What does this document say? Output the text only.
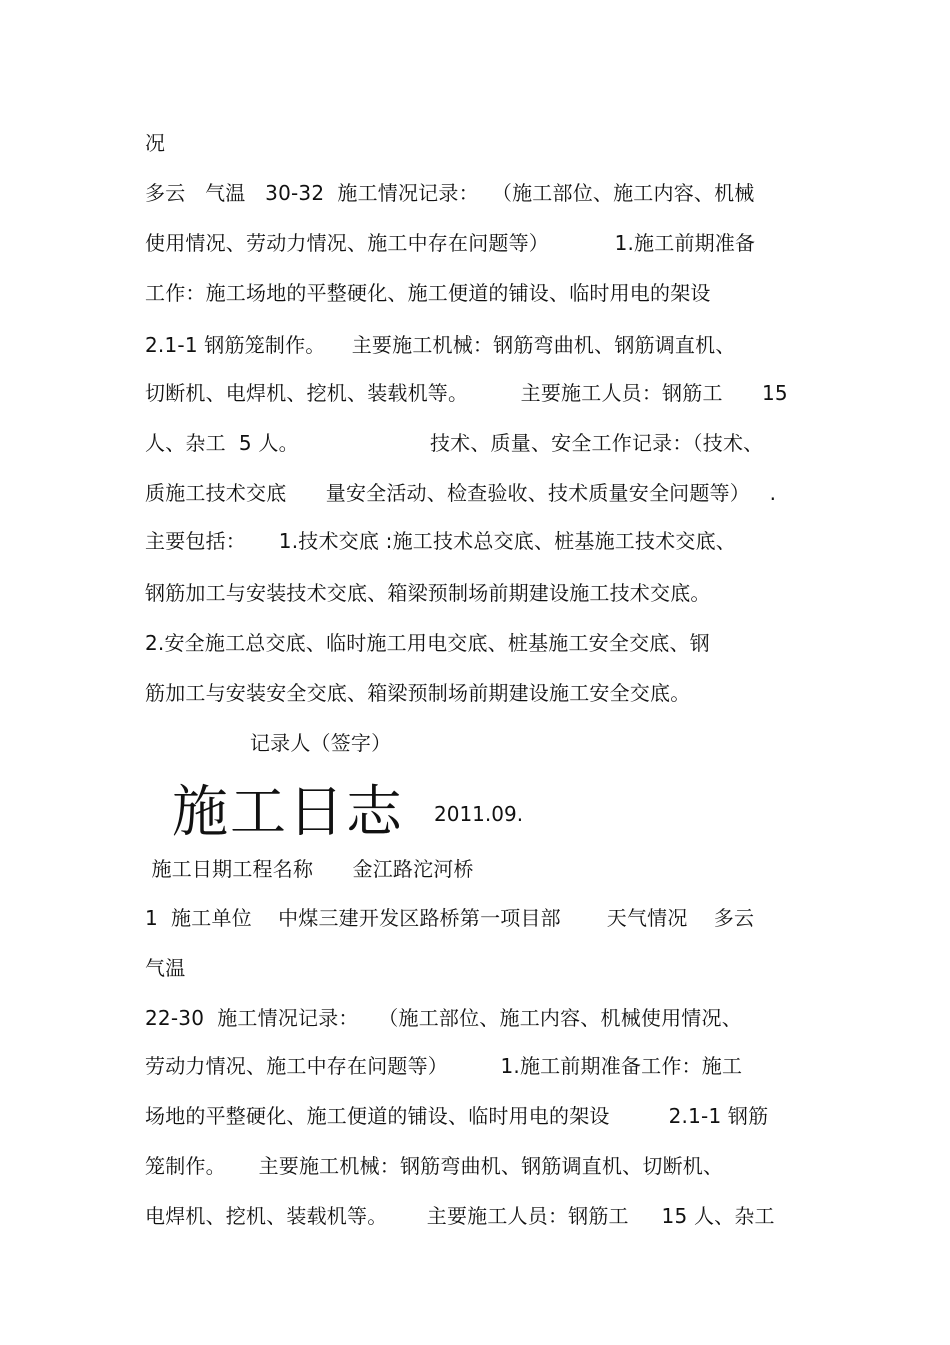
况
多云   气温   30-32  施工情况记录：  （施工部位、施工内容、机械
使用情况、劳动力情况、施工中存在问题等）          1.施工前期准备
工作：施工场地的平整硬化、施工便道的铺设、临时用电的架设
2.1-1 钢筋笼制作。    主要施工机械：钢筋弯曲机、钢筋调直机、
切断机、电焊机、挖机、装载机等。        主要施工人员：钢筋工      15
人、杂工  5 人。                    技术、质量、安全工作记录：（技术、
质施工技术交底      量安全活动、检查验收、技术质量安全问题等）   .
主要包括：     1.技术交底 :施工技术总交底、桩基施工技术交底、
钢筋加工与安装技术交底、箱梁预制场前期建设施工技术交底。
2.安全施工总交底、临时施工用电交底、桩基施工安全交底、钢
筋加工与安装安全交底、箱梁预制场前期建设施工安全交底。
记录人（签字）
施工日志 2011.09.
施工日期工程名称      金江路沱河桥
1  施工单位    中煤三建开发区路桥第一项目部       天气情况    多云
气温
22-30  施工情况记录：   （施工部位、施工内容、机械使用情况、
劳动力情况、施工中存在问题等）        1.施工前期准备工作：施工
场地的平整硬化、施工便道的铺设、临时用电的架设         2.1-1 钢筋
笼制作。     主要施工机械：钢筋弯曲机、钢筋调直机、切断机、
电焊机、挖机、装载机等。      主要施工人员：钢筋工     15 人、杂工
